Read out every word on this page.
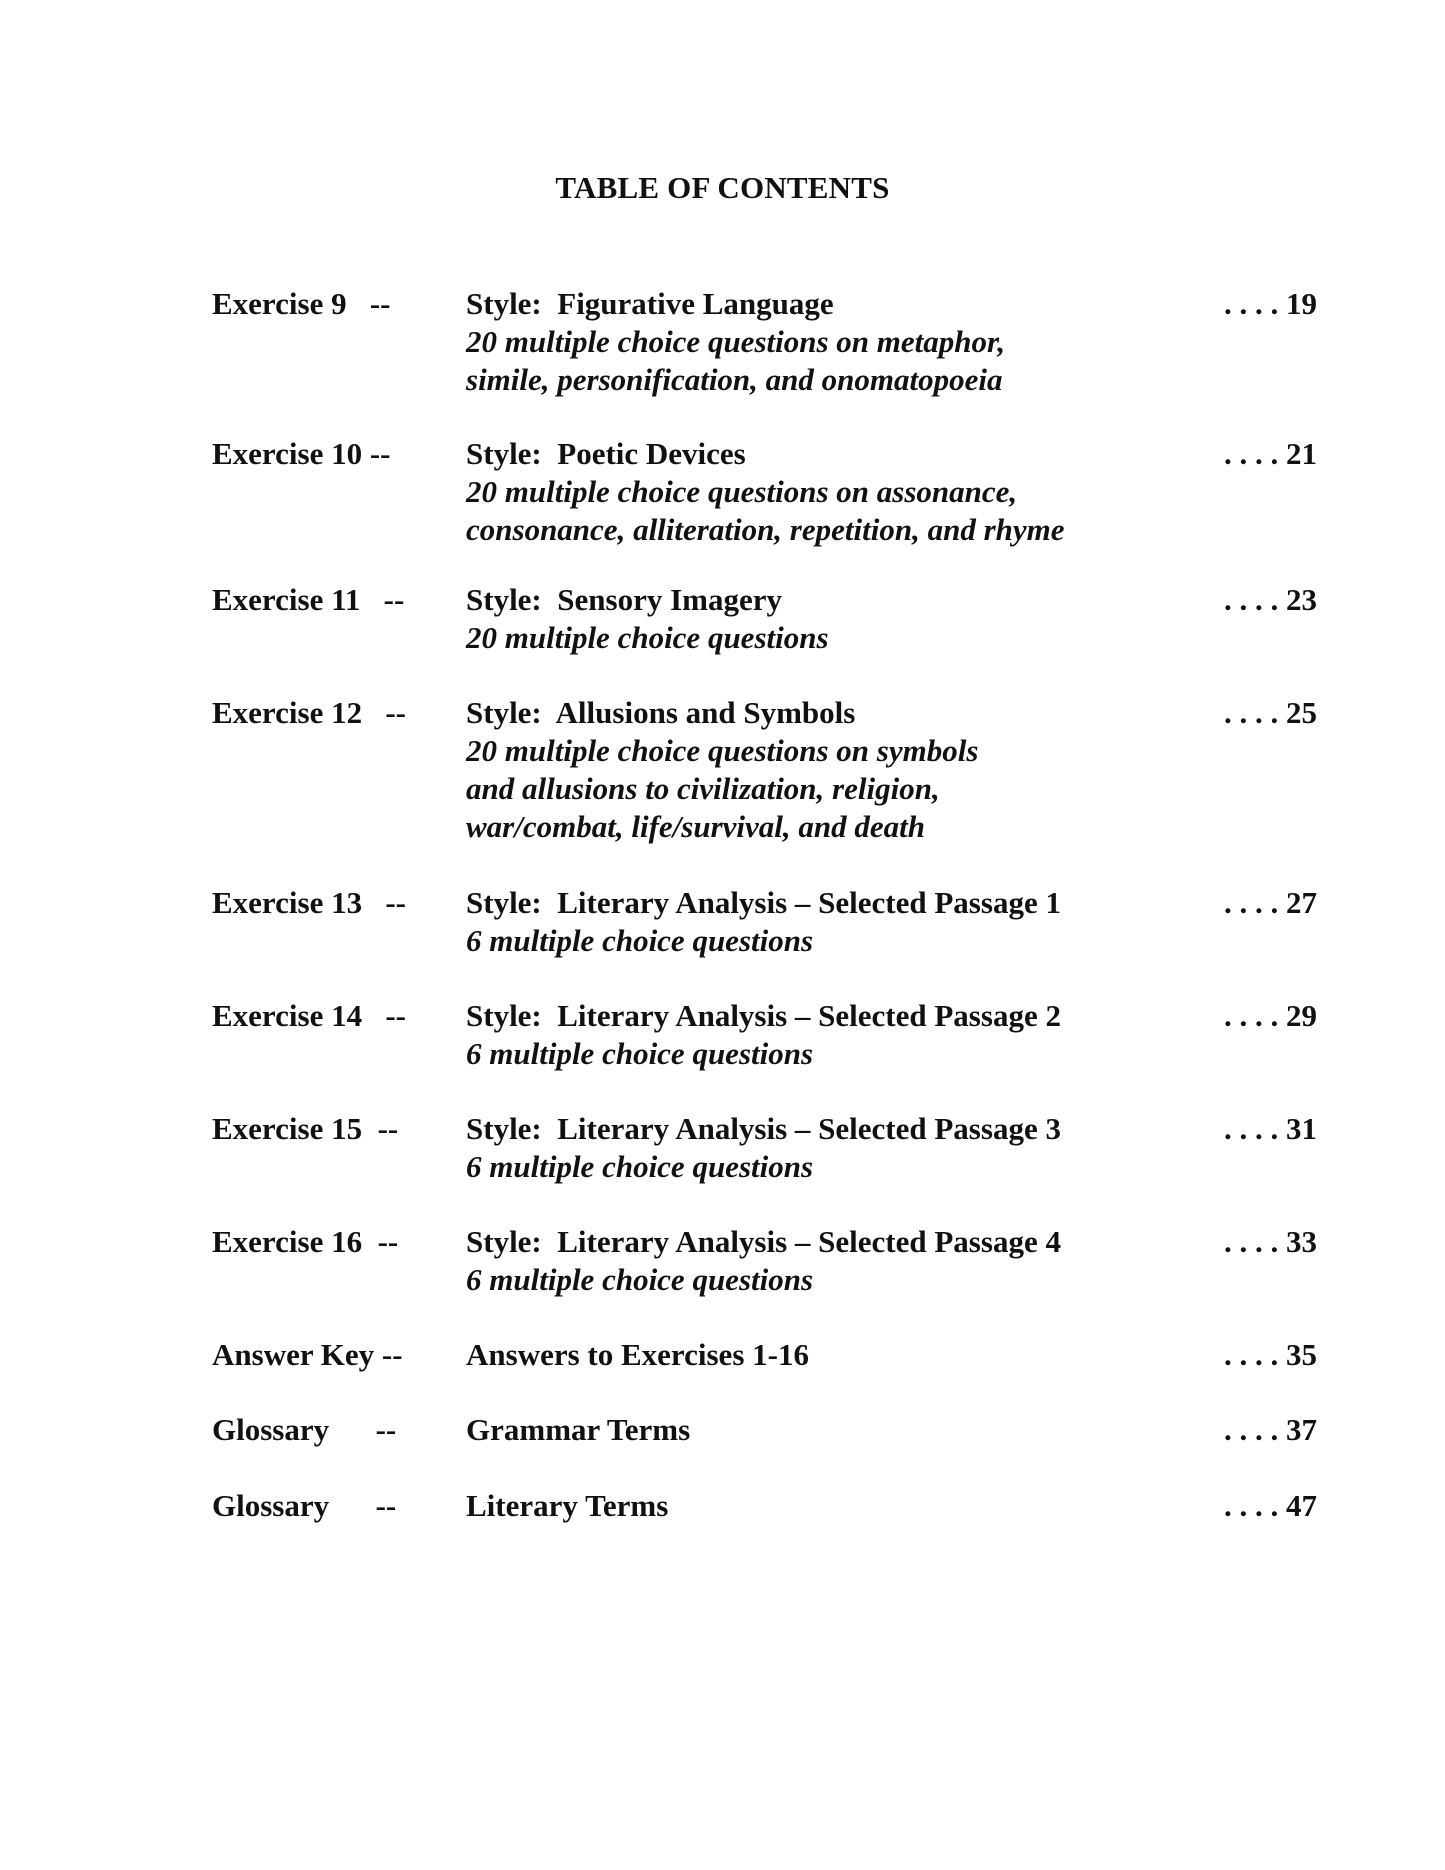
TABLE OF CONTENTS
Exercise 9   -- Style:  Figurative Language
20 multiple choice questions on metaphor,
simile, personification, and onomatopoeia
. . . . 19
Exercise 10 -- Style:  Poetic Devices
20 multiple choice questions on assonance,
consonance, alliteration, repetition, and rhyme
. . . . 21
Exercise 11   -- Style:  Sensory Imagery
20 multiple choice questions
. . . . 23
Exercise 12   -- Style:  Allusions and Symbols
20 multiple choice questions on symbols
and allusions to civilization, religion,
war/combat, life/survival, and death
. . . . 25
Exercise 13   -- Style:  Literary Analysis – Selected Passage 1
6 multiple choice questions
. . . . 27
Exercise 14   -- Style:  Literary Analysis – Selected Passage 2
6 multiple choice questions
. . . . 29
Exercise 15  -- Style:  Literary Analysis – Selected Passage 3
6 multiple choice questions
. . . . 31
Exercise 16  -- Style:  Literary Analysis – Selected Passage 4
6 multiple choice questions
. . . . 33
Answer Key -- Answers to Exercises 1-16	. . . . 35
Glossary      -- Grammar Terms	. . . . 37
Glossary      -- Literary Terms	. . . . 47
